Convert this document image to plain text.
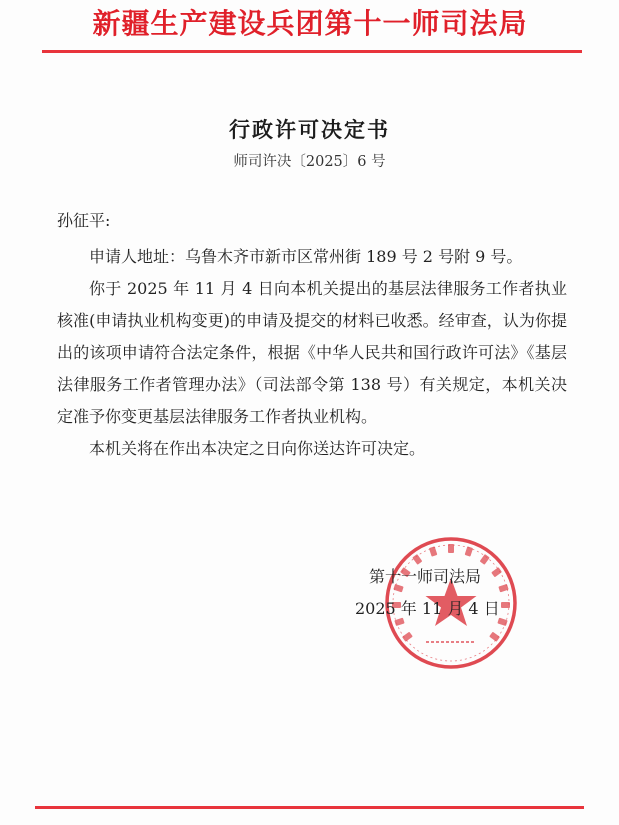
新疆生产建设兵团第十一师司法局
行政许可决定书
师司许决〔2025〕6 号

孙征平:

申请人地址：乌鲁木齐市新市区常州街 189 号 2 号附 9 号。

你于 2025 年 11 月 4 日向本机关提出的基层法律服务工作者执业核准(申请执业机构变更)的申请及提交的材料已收悉。经审查，认为你提出的该项申请符合法定条件，根据《中华人民共和国行政许可法》《基层法律服务工作者管理办法》（司法部令第 138 号）有关规定，本机关决定准予你变更基层法律服务工作者执业机构。

本机关将在作出本决定之日向你送达许可决定。

第十一师司法局
2025 年 11 月 4 日
